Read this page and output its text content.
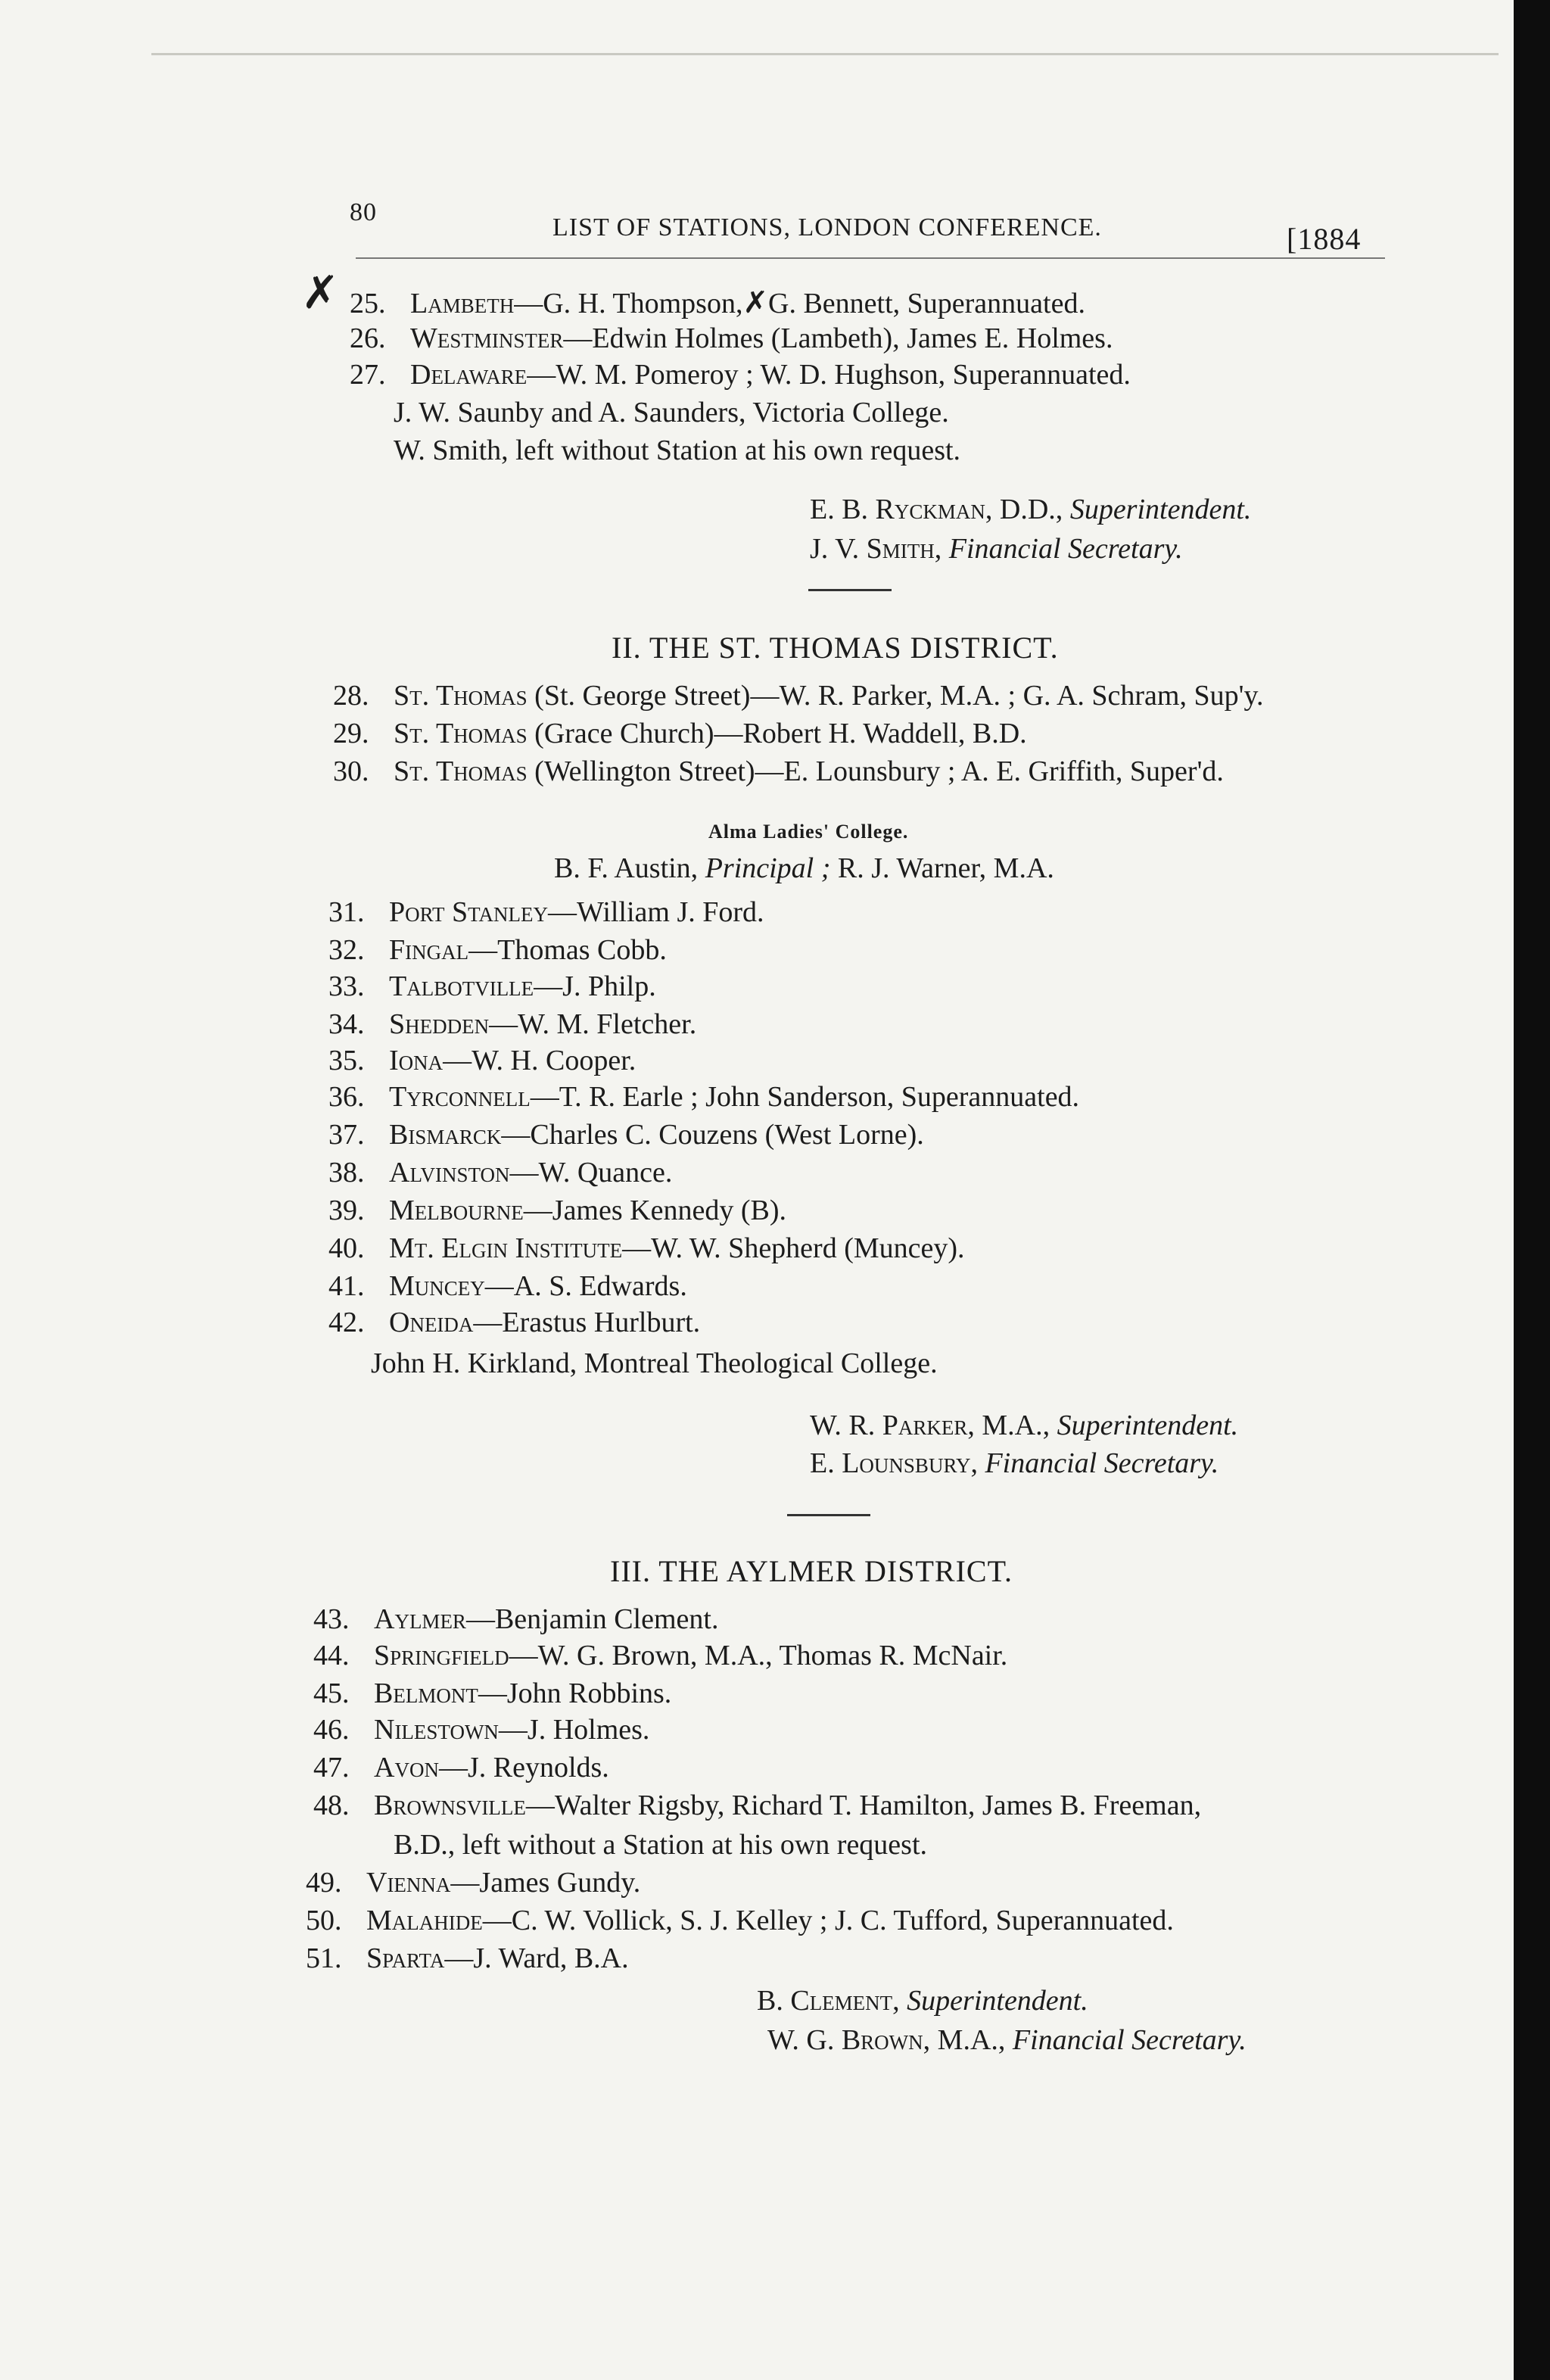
80
LIST OF STATIONS, LONDON CONFERENCE.	[1884
✗ 25. Lambeth—G. H. Thompson,✗G. Bennett, Superannuated.
26. Westminster—Edwin Holmes (Lambeth), James E. Holmes.
27. Delaware—W. M. Pomeroy ; W. D. Hughson, Superannuated.
J. W. Saunby and A. Saunders, Victoria College.
W. Smith, left without Station at his own request.
E. B. Ryckman, D.D., Superintendent.
J. V. Smith, Financial Secretary.
II. THE ST. THOMAS DISTRICT.
28. St. Thomas (St. George Street)—W. R. Parker, M.A. ; G. A. Schram, Sup'y.
29. St. Thomas (Grace Church)—Robert H. Waddell, B.D.
30. St. Thomas (Wellington Street)—E. Lounsbury ; A. E. Griffith, Super'd.
Alma Ladies' College.
B. F. Austin, Principal ; R. J. Warner, M.A.
31. Port Stanley—William J. Ford.
32. Fingal—Thomas Cobb.
33. Talbotville—J. Philp.
34. Shedden—W. M. Fletcher.
35. Iona—W. H. Cooper.
36. Tyrconnell—T. R. Earle ; John Sanderson, Superannuated.
37. Bismarck—Charles C. Couzens (West Lorne).
38. Alvinston—W. Quance.
39. Melbourne—James Kennedy (B).
40. Mt. Elgin Institute—W. W. Shepherd (Muncey).
41. Muncey—A. S. Edwards.
42. Oneida—Erastus Hurlburt.
John H. Kirkland, Montreal Theological College.
W. R. Parker, M.A., Superintendent.
E. Lounsbury, Financial Secretary.
III. THE AYLMER DISTRICT.
43. Aylmer—Benjamin Clement.
44. Springfield—W. G. Brown, M.A., Thomas R. McNair.
45. Belmont—John Robbins.
46. Nilestown—J. Holmes.
47. Avon—J. Reynolds.
48. Brownsville—Walter Rigsby, Richard T. Hamilton, James B. Freeman,
B.D., left without a Station at his own request.
49. Vienna—James Gundy.
50. Malahide—C. W. Vollick, S. J. Kelley ; J. C. Tufford, Superannuated.
51. Sparta—J. Ward, B.A.
B. Clement, Superintendent.
W. G. Brown, M.A., Financial Secretary.
